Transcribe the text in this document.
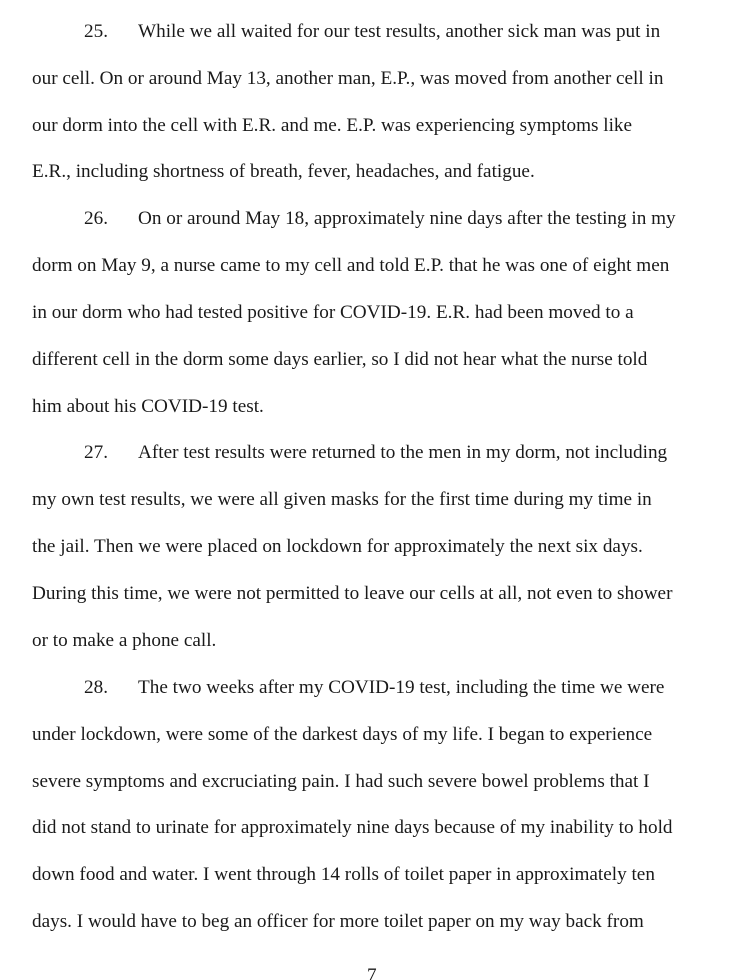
25. While we all waited for our test results, another sick man was put in
our cell. On or around May 13, another man, E.P., was moved from another cell in
our dorm into the cell with E.R. and me. E.P. was experiencing symptoms like
E.R., including shortness of breath, fever, headaches, and fatigue.
26. On or around May 18, approximately nine days after the testing in my
dorm on May 9, a nurse came to my cell and told E.P. that he was one of eight men
in our dorm who had tested positive for COVID-19. E.R. had been moved to a
different cell in the dorm some days earlier, so I did not hear what the nurse told
him about his COVID-19 test.
27. After test results were returned to the men in my dorm, not including
my own test results, we were all given masks for the first time during my time in
the jail. Then we were placed on lockdown for approximately the next six days.
During this time, we were not permitted to leave our cells at all, not even to shower
or to make a phone call.
28. The two weeks after my COVID-19 test, including the time we were
under lockdown, were some of the darkest days of my life. I began to experience
severe symptoms and excruciating pain. I had such severe bowel problems that I
did not stand to urinate for approximately nine days because of my inability to hold
down food and water. I went through 14 rolls of toilet paper in approximately ten
days. I would have to beg an officer for more toilet paper on my way back from
7
